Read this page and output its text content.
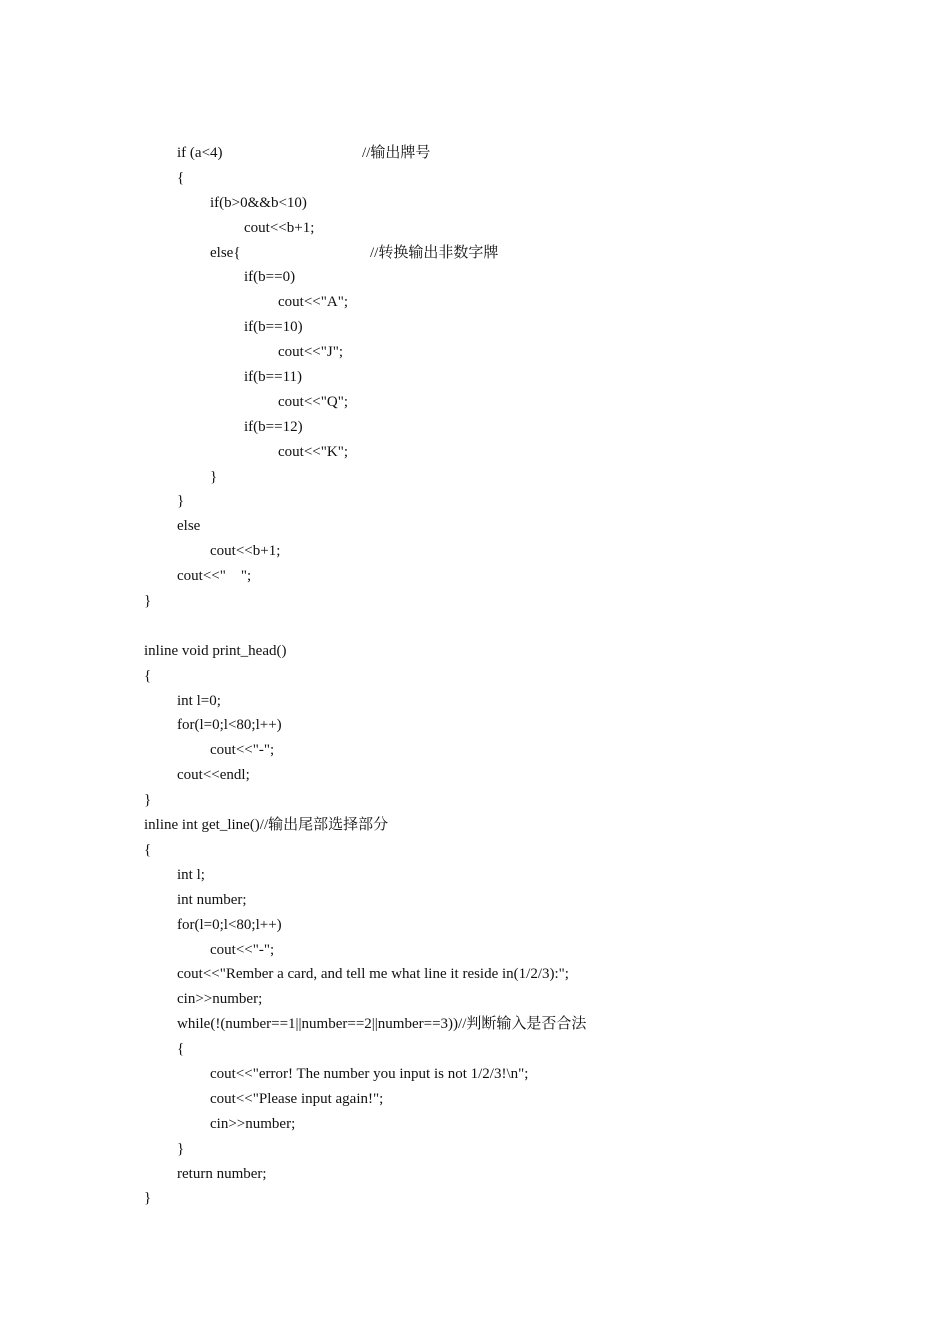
if (a<4)	//输出牌号
{
if(b>0&&b<10)
cout<<b+1;
else{	//转换输出非数字牌
if(b==0)
cout<<"A";
if(b==10)
cout<<"J";
if(b==11)
cout<<"Q";
if(b==12)
cout<<"K";
}
}
else
cout<<b+1;
cout<<"    ";
}
inline void print_head()
{
int l=0;
for(l=0;l<80;l++)
cout<<"-";
cout<<endl;
}
inline int get_line()//输出尾部选择部分
{
int l;
int number;
for(l=0;l<80;l++)
cout<<"-";
cout<<"Rember a card, and tell me what line it reside in(1/2/3):";
cin>>number;
while(!(number==1||number==2||number==3))//判断输入是否合法
{
cout<<"error! The number you input is not 1/2/3!\n";
cout<<"Please input again!";
cin>>number;
}
return number;
}
